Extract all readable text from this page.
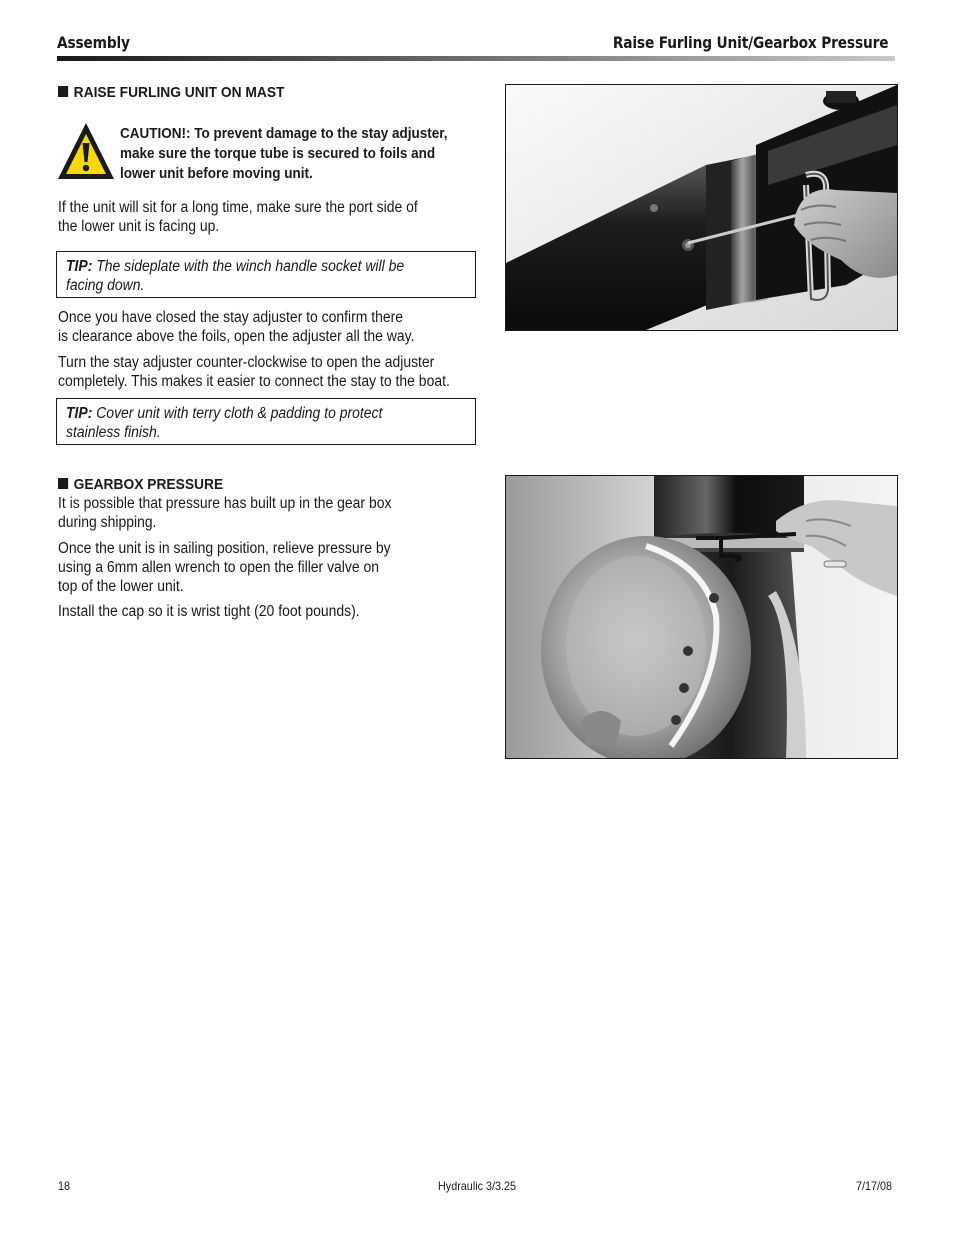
Assembly	Raise Furling Unit/Gearbox Pressure
RAISE FURLING UNIT ON MAST
CAUTION!: To prevent damage to the stay adjuster,
make sure the torque tube is secured to foils and
lower unit before moving unit.
If the unit will sit for a long time, make sure the port side of
the lower unit is facing up.
TIP: The sideplate with the winch handle socket will be
facing down.
Once you have closed the stay adjuster to confirm there
is clearance above the foils, open the adjuster all the way.
Turn the stay adjuster counter-clockwise to open the adjuster
completely. This makes it easier to connect the stay to the boat.
TIP: Cover unit with terry cloth & padding to protect
stainless finish.
GEARBOX PRESSURE
It is possible that pressure has built up in the gear box
during shipping.
Once the unit is in sailing position, relieve pressure by
using a 6mm allen wrench to open the filler valve on
top of the lower unit.
Install the cap so it is wrist tight (20 foot pounds).
18	Hydraulic 3/3.25	7/17/08
